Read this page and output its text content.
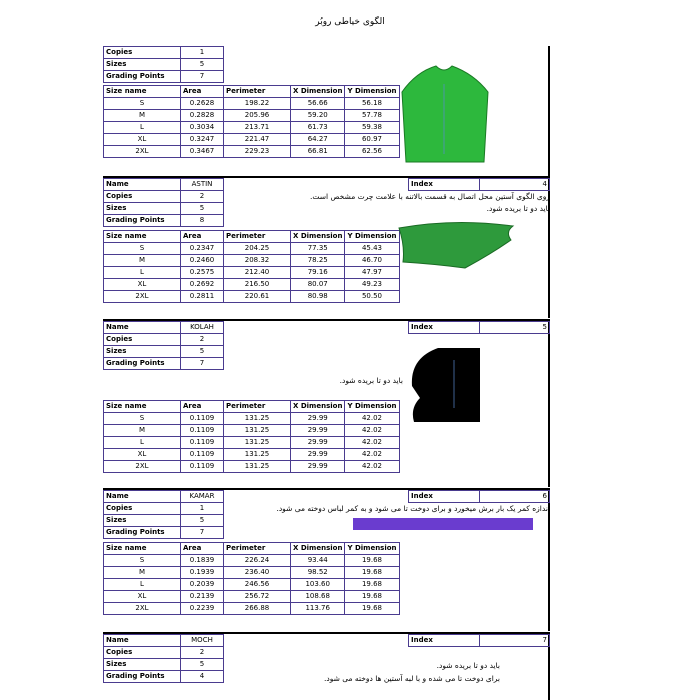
الگوی خیاطی روبُر
Copies	1
Sizes	5
Grading Points	7
Size name	Area	Perimeter	X Dimension	Y Dimension
S	0.2628	198.22	56.66	56.18
M	0.2828	205.96	59.20	57.78
L	0.3034	213.71	61.73	59.38
XL	0.3247	221.47	64.27	60.97
2XL	0.3467	229.23	66.81	62.56
Name	ASTIN
Copies	2
Sizes	5
Grading Points	8
Index	4
روی الگوی آستین محل اتصال به قسمت بالاتنه با علامت چرت مشخص است.
باید دو تا بریده شود.
Size name	Area	Perimeter	X Dimension	Y Dimension
S	0.2347	204.25	77.35	45.43
M	0.2460	208.32	78.25	46.70
L	0.2575	212.40	79.16	47.97
XL	0.2692	216.50	80.07	49.23
2XL	0.2811	220.61	80.98	50.50
Name	KOLAH
Copies	2
Sizes	5
Grading Points	7
Index	5
باید دو تا بریده شود.
Size name	Area	Perimeter	X Dimension	Y Dimension
S	0.1109	131.25	29.99	42.02
M	0.1109	131.25	29.99	42.02
L	0.1109	131.25	29.99	42.02
XL	0.1109	131.25	29.99	42.02
2XL	0.1109	131.25	29.99	42.02
Name	KAMAR
Copies	1
Sizes	5
Grading Points	7
Index	6
اندازه کمر یک بار برش میخورد و برای دوخت تا می شود و به کمر لباس دوخته می شود.
Size name	Area	Perimeter	X Dimension	Y Dimension
S	0.1839	226.24	93.44	19.68
M	0.1939	236.40	98.52	19.68
L	0.2039	246.56	103.60	19.68
XL	0.2139	256.72	108.68	19.68
2XL	0.2239	266.88	113.76	19.68
Name	MOCH
Copies	2
Sizes	5
Grading Points	4
Index	7
باید دو تا بریده شود.
برای دوخت تا می شده و با لبه آستین ها دوخته می شود.
